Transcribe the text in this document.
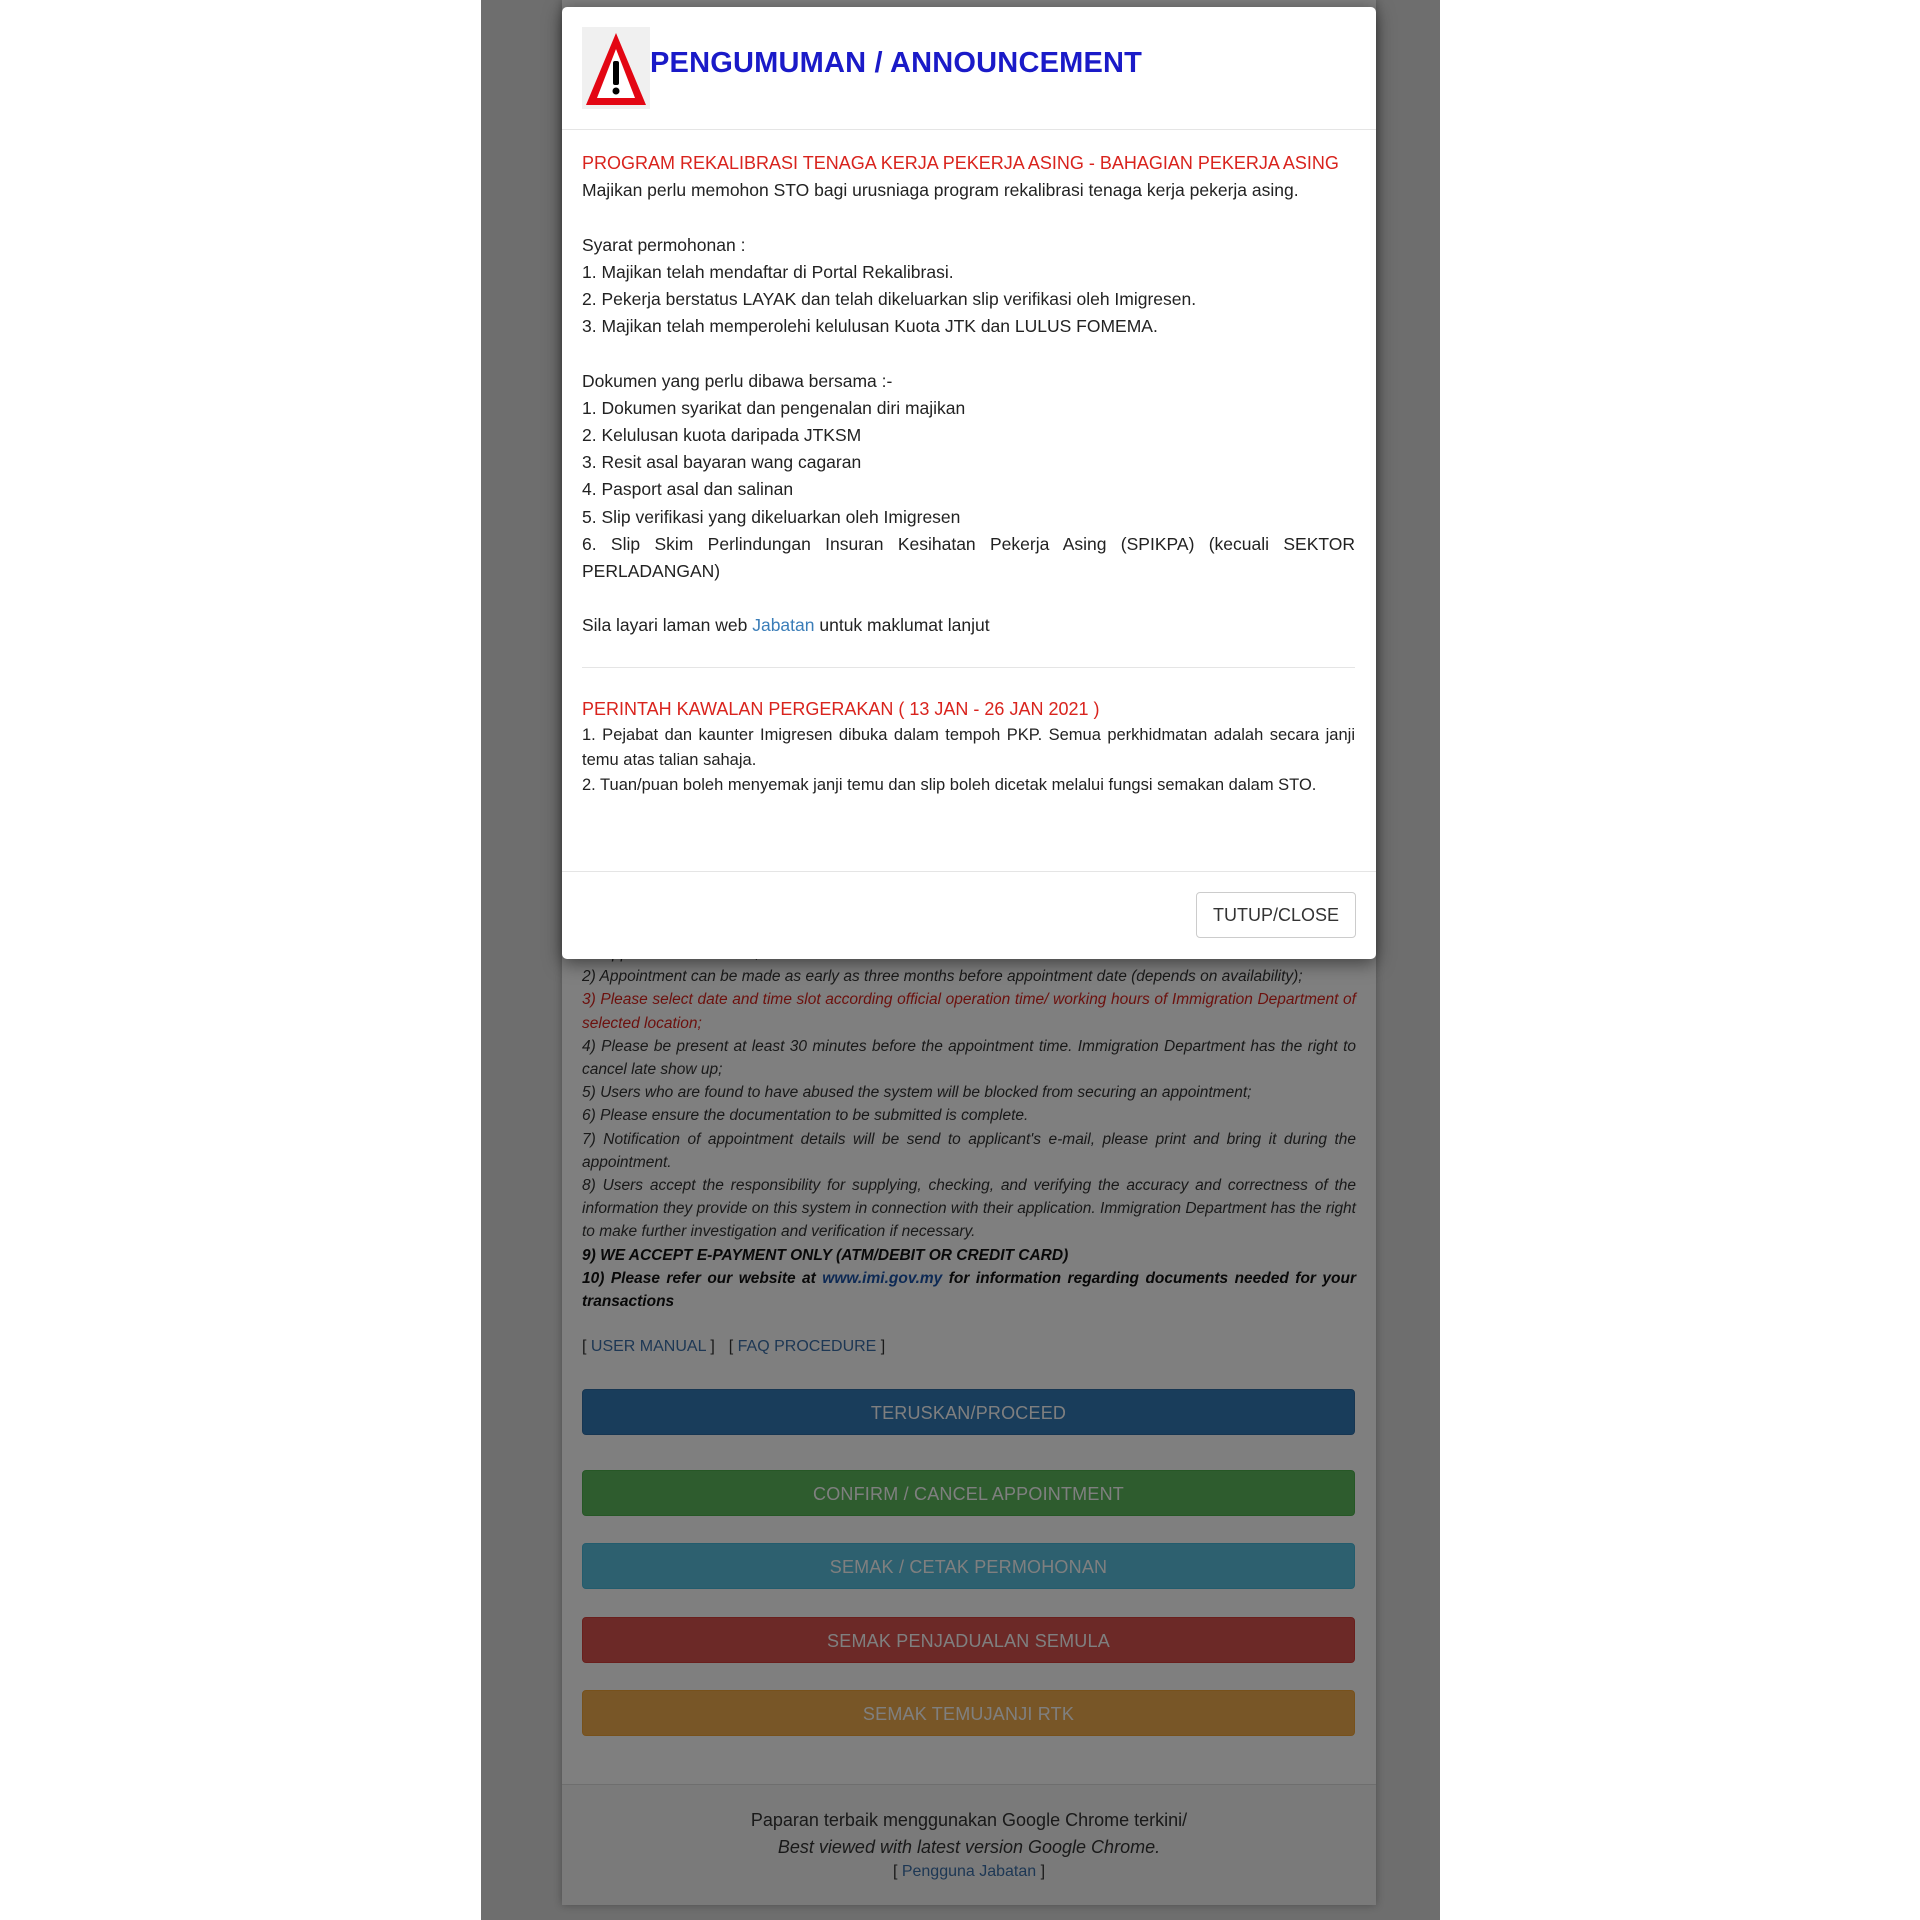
PENGUMUMAN / ANNOUNCEMENT

PROGRAM REKALIBRASI TENAGA KERJA PEKERJA ASING - BAHAGIAN PEKERJA ASING

Majikan perlu memohon STO bagi urusniaga program rekalibrasi tenaga kerja pekerja asing.

Syarat permohonan :

1. Majikan telah mendaftar di Portal Rekalibrasi.

2. Pekerja berstatus LAYAK dan telah dikeluarkan slip verifikasi oleh Imigresen.

3. Majikan telah memperolehi kelulusan Kuota JTK dan LULUS FOMEMA.

Dokumen yang perlu dibawa bersama :-

1. Dokumen syarikat dan pengenalan diri majikan

2. Kelulusan kuota daripada JTKSM

3. Resit asal bayaran wang cagaran

4. Pasport asal dan salinan

5. Slip verifikasi yang dikeluarkan oleh Imigresen

6. Slip Skim Perlindungan Insuran Kesihatan Pekerja Asing (SPIKPA) (kecuali SEKTOR PERLADANGAN)

Sila layari laman web Jabatan untuk maklumat lanjut

PERINTAH KAWALAN PERGERAKAN ( 13 JAN - 26 JAN 2021 )

1. Pejabat dan kaunter Imigresen dibuka dalam tempoh PKP. Semua perkhidmatan adalah secara janji temu atas talian sahaja.

2. Tuan/puan boleh menyemak janji temu dan slip boleh dicetak melalui fungsi semakan dalam STO.

TUTUP/CLOSE
